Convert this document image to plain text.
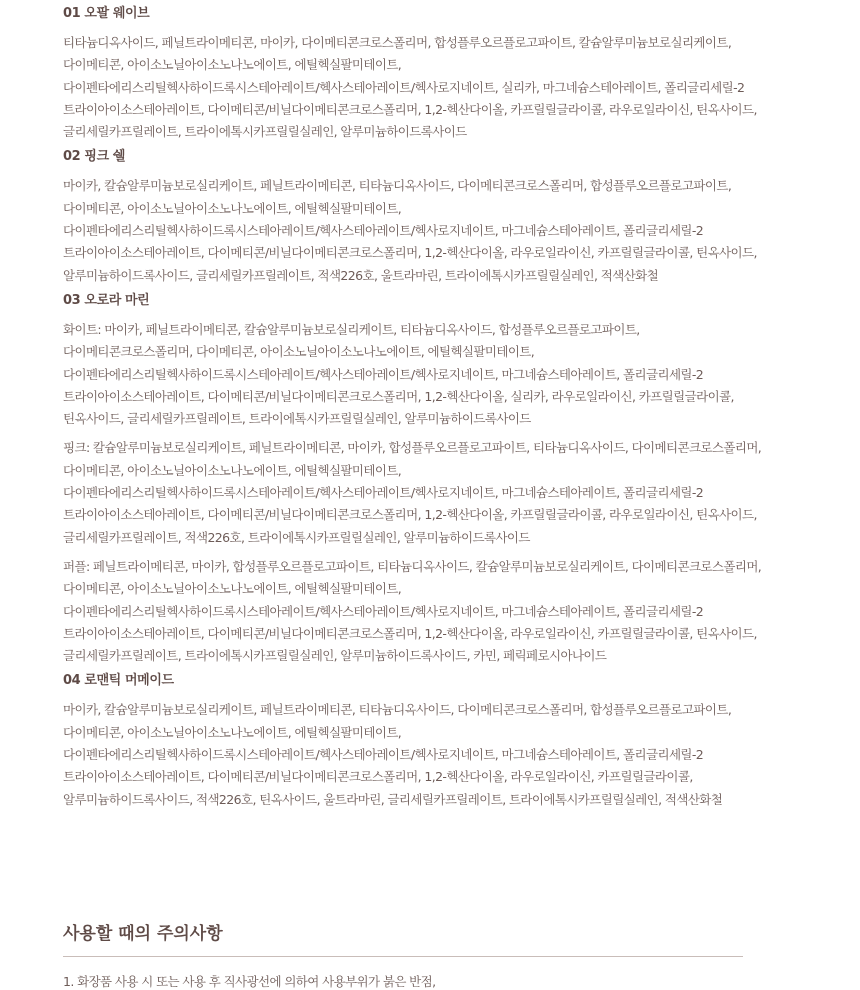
01 오팔 웨이브

티타늄디옥사이드, 페닐트라이메티콘, 마이카, 다이메티콘크로스폴리머, 합성플루오르플로고파이트, 칼슘알루미늄보로실리케이트,
다이메티콘, 아이소노닐아이소노나노에이트, 에틸헥실팔미테이트,
다이펜타에리스리틸헥사하이드록시스테아레이트/헥사스테아레이트/헥사로지네이트, 실리카, 마그네슘스테아레이트, 폴리글리세릴-2
트라이아이소스테아레이트, 다이메티콘/비닐다이메티콘크로스폴리머, 1,2-헥산다이올, 카프릴릴글라이콜, 라우로일라이신, 틴옥사이드,
글리세릴카프릴레이트, 트라이에톡시카프릴릴실레인, 알루미늄하이드록사이드

02 핑크 쉘

마이카, 칼슘알루미늄보로실리케이트, 페닐트라이메티콘, 티타늄디옥사이드, 다이메티콘크로스폴리머, 합성플루오르플로고파이트,
다이메티콘, 아이소노닐아이소노나노에이트, 에틸헥실팔미테이트,
다이펜타에리스리틸헥사하이드록시스테아레이트/헥사스테아레이트/헥사로지네이트, 마그네슘스테아레이트, 폴리글리세릴-2
트라이아이소스테아레이트, 다이메티콘/비닐다이메티콘크로스폴리머, 1,2-헥산다이올, 라우로일라이신, 카프릴릴글라이콜, 틴옥사이드,
알루미늄하이드록사이드, 글리세릴카프릴레이트, 적색226호, 울트라마린, 트라이에톡시카프릴릴실레인, 적색산화철

03 오로라 마린

화이트: 마이카, 페닐트라이메티콘, 칼슘알루미늄보로실리케이트, 티타늄디옥사이드, 합성플루오르플로고파이트,
다이메티콘크로스폴리머, 다이메티콘, 아이소노닐아이소노나노에이트, 에틸헥실팔미테이트,
다이펜타에리스리틸헥사하이드록시스테아레이트/헥사스테아레이트/헥사로지네이트, 마그네슘스테아레이트, 폴리글리세릴-2
트라이아이소스테아레이트, 다이메티콘/비닐다이메티콘크로스폴리머, 1,2-헥산다이올, 실리카, 라우로일라이신, 카프릴릴글라이콜,
틴옥사이드, 글리세릴카프릴레이트, 트라이에톡시카프릴릴실레인, 알루미늄하이드록사이드

핑크: 칼슘알루미늄보로실리케이트, 페닐트라이메티콘, 마이카, 합성플루오르플로고파이트, 티타늄디옥사이드, 다이메티콘크로스폴리머,
다이메티콘, 아이소노닐아이소노나노에이트, 에틸헥실팔미테이트,
다이펜타에리스리틸헥사하이드록시스테아레이트/헥사스테아레이트/헥사로지네이트, 마그네슘스테아레이트, 폴리글리세릴-2
트라이아이소스테아레이트, 다이메티콘/비닐다이메티콘크로스폴리머, 1,2-헥산다이올, 카프릴릴글라이콜, 라우로일라이신, 틴옥사이드,
글리세릴카프릴레이트, 적색226호, 트라이에톡시카프릴릴실레인, 알루미늄하이드록사이드

퍼플: 페닐트라이메티콘, 마이카, 합성플루오르플로고파이트, 티타늄디옥사이드, 칼슘알루미늄보로실리케이트, 다이메티콘크로스폴리머,
다이메티콘, 아이소노닐아이소노나노에이트, 에틸헥실팔미테이트,
다이펜타에리스리틸헥사하이드록시스테아레이트/헥사스테아레이트/헥사로지네이트, 마그네슘스테아레이트, 폴리글리세릴-2
트라이아이소스테아레이트, 다이메티콘/비닐다이메티콘크로스폴리머, 1,2-헥산다이올, 라우로일라이신, 카프릴릴글라이콜, 틴옥사이드,
글리세릴카프릴레이트, 트라이에톡시카프릴릴실레인, 알루미늄하이드록사이드, 카민, 페릭페로시아나이드

04 로맨틱 머메이드

마이카, 칼슘알루미늄보로실리케이트, 페닐트라이메티콘, 티타늄디옥사이드, 다이메티콘크로스폴리머, 합성플루오르플로고파이트,
다이메티콘, 아이소노닐아이소노나노에이트, 에틸헥실팔미테이트,
다이펜타에리스리틸헥사하이드록시스테아레이트/헥사스테아레이트/헥사로지네이트, 마그네슘스테아레이트, 폴리글리세릴-2
트라이아이소스테아레이트, 다이메티콘/비닐다이메티콘크로스폴리머, 1,2-헥산다이올, 라우로일라이신, 카프릴릴글라이콜,
알루미늄하이드록사이드, 적색226호, 틴옥사이드, 울트라마린, 글리세릴카프릴레이트, 트라이에톡시카프릴릴실레인, 적색산화철

사용할 때의 주의사항
1. 화장품 사용 시 또는 사용 후 직사광선에 의하여 사용부위가 붉은 반점,
